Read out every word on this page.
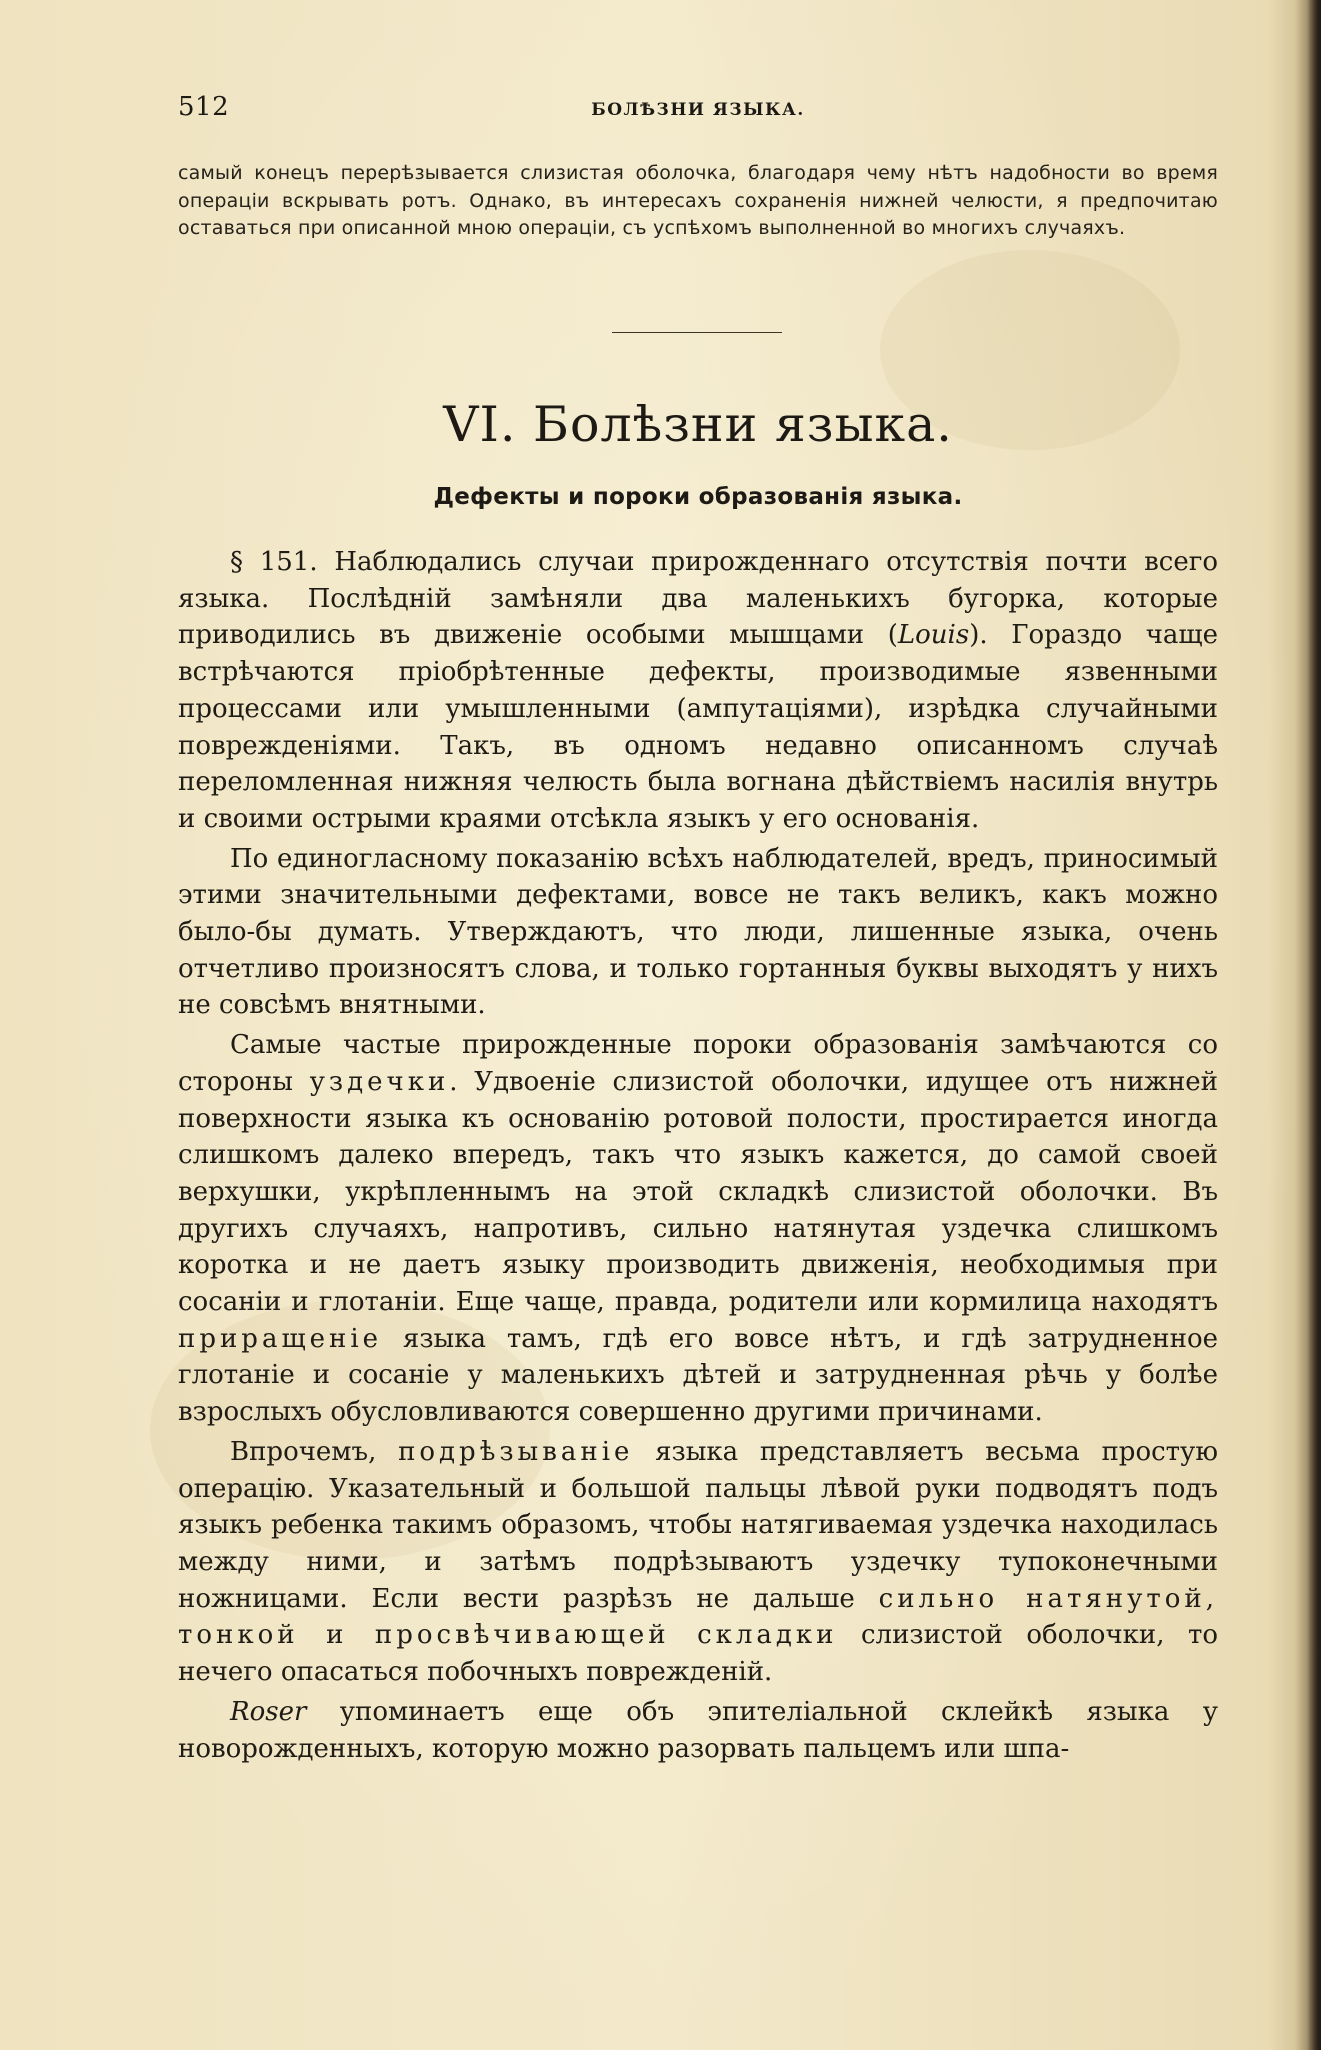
512	БОЛѢЗНИ ЯЗЫКА.
самый конецъ перерѣзывается слизистая оболочка, благодаря чему нѣтъ надобности во время операціи вскрывать ротъ. Однако, въ интересахъ сохраненія нижней челюсти, я предпочитаю оставаться при описанной мною операціи, съ успѣхомъ выполненной во многихъ случаяхъ.
VI. Болѣзни языка.
Дефекты и пороки образованія языка.

§ 151. Наблюдались случаи прирожденнаго отсутствія почти всего языка. Послѣдній замѣняли два маленькихъ бугорка, которые приводились въ движеніе особыми мышцами (Louis). Гораздо чаще встрѣчаются пріобрѣтенные дефекты, производимые язвенными процессами или умышленными (ампутаціями), изрѣдка случайными поврежденіями. Такъ, въ одномъ недавно описанномъ случаѣ переломленная нижняя челюсть была вогнана дѣйствіемъ насилія внутрь и своими острыми краями отсѣкла языкъ у его основанія.

По единогласному показанію всѣхъ наблюдателей, вредъ, приносимый этими значительными дефектами, вовсе не такъ великъ, какъ можно было-бы думать. Утверждаютъ, что люди, лишенные языка, очень отчетливо произносятъ слова, и только гортанныя буквы выходятъ у нихъ не совсѣмъ внятными.

Самые частые прирожденные пороки образованія замѣчаются со стороны уздечки. Удвоеніе слизистой оболочки, идущее отъ нижней поверхности языка къ основанію ротовой полости, простирается иногда слишкомъ далеко впередъ, такъ что языкъ кажется, до самой своей верхушки, укрѣпленнымъ на этой складкѣ слизистой оболочки. Въ другихъ случаяхъ, напротивъ, сильно натянутая уздечка слишкомъ коротка и не даетъ языку производить движенія, необходимыя при сосаніи и глотаніи. Еще чаще, правда, родители или кормилица находятъ приращеніе языка тамъ, гдѣ его вовсе нѣтъ, и гдѣ затрудненное глотаніе и сосаніе у маленькихъ дѣтей и затрудненная рѣчь у болѣе взрослыхъ обусловливаются совершенно другими причинами.

Впрочемъ, подрѣзываніе языка представляетъ весьма простую операцію. Указательный и большой пальцы лѣвой руки подводятъ подъ языкъ ребенка такимъ образомъ, чтобы натягиваемая уздечка находилась между ними, и затѣмъ подрѣзываютъ уздечку тупоконечными ножницами. Если вести разрѣзъ не дальше сильно натянутой, тонкой и просвѣчивающей складки слизистой оболочки, то нечего опасаться побочныхъ поврежденій.

Roser упоминаетъ еще объ эпителіальной склейкѣ языка у новорожденныхъ, которую можно разорвать пальцемъ или шпа-
